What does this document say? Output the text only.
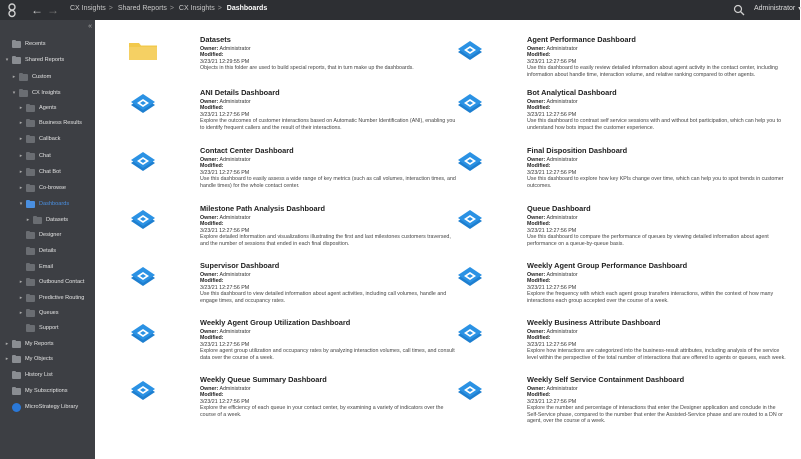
← → CX Insights > Shared Reports > CX Insights > Dashboards	Administrator ▾
«
Recents
▾	Shared Reports
▸	Custom
▾	CX Insights
▸	Agents
▸	Business Results
▸	Callback
▸	Chat
▸	Chat Bot
▸	Co-browse
▾	Dashboards
▸	Datasets
Designer
Details
Email
▸	Outbound Contact
▸	Predictive Routing
▸	Queues
Support
▸	My Reports
▸	My Objects
History List
My Subscriptions
MicroStrategy Library
Datasets
Owner: Administrator
Modified:
3/23/21 12:29:55 PM
Objects in this folder are used to build special reports, that in turn make up the dashboards.
Agent Performance Dashboard
Owner: Administrator
Modified:
3/23/21 12:27:56 PM
Use this dashboard to easily review detailed information about agent activity in the contact center, including information about handle time, interaction volume, and relative ranking compared to other agents.
ANI Details Dashboard
Owner: Administrator
Modified:
3/23/21 12:27:56 PM
Explore the outcomes of customer interactions based on Automatic Number Identification (ANI), enabling you to identify frequent callers and the result of their interactions.
Bot Analytical Dashboard
Owner: Administrator
Modified:
3/23/21 12:27:56 PM
Use this dashboard to contrast self service sessions with and without bot participation, which can help you to understand how bots impact the customer experience.
Contact Center Dashboard
Owner: Administrator
Modified:
3/23/21 12:27:56 PM
Use this dashboard to easily assess a wide range of key metrics (such as call volumes, interaction times, and handle times) for the whole contact center.
Final Disposition Dashboard
Owner: Administrator
Modified:
3/23/21 12:27:56 PM
Use this dashboard to explore how key KPIs change over time, which can help you to spot trends in customer outcomes.
Milestone Path Analysis Dashboard
Owner: Administrator
Modified:
3/23/21 12:27:56 PM
Explore detailed information and visualizations illustrating the first and last milestones customers traversed, and the number of sessions that ended in each final disposition.
Queue Dashboard
Owner: Administrator
Modified:
3/23/21 12:27:56 PM
Use this dashboard to compare the performance of queues by viewing detailed information about agent performance on a queue-by-queue basis.
Supervisor Dashboard
Owner: Administrator
Modified:
3/23/21 12:27:56 PM
Use this dashboard to view detailed information about agent activities, including call volumes, handle and engage times, and occupancy rates.
Weekly Agent Group Performance Dashboard
Owner: Administrator
Modified:
3/23/21 12:27:56 PM
Explore the frequency with which each agent group transfers interactions, within the context of how many interactions each group accepted over the course of a week.
Weekly Agent Group Utilization Dashboard
Owner: Administrator
Modified:
3/23/21 12:27:56 PM
Explore agent group utilization and occupancy rates by analyzing interaction volumes, call times, and consult data over the course of a week.
Weekly Business Attribute Dashboard
Owner: Administrator
Modified:
3/23/21 12:27:56 PM
Explore how interactions are categorized into the business-result attributes, including analysis of the service level within the perspective of the total number of interactions that are offered to agents or queues, each week.
Weekly Queue Summary Dashboard
Owner: Administrator
Modified:
3/23/21 12:27:56 PM
Explore the efficiency of each queue in your contact center, by examining a variety of indicators over the course of a week.
Weekly Self Service Containment Dashboard
Owner: Administrator
Modified:
3/23/21 12:27:56 PM
Explore the number and percentage of interactions that enter the Designer application and conclude in the Self-Service phase, compared to the number that enter the Assisted-Service phase and are routed to a DN or agent, over the course of a week.
